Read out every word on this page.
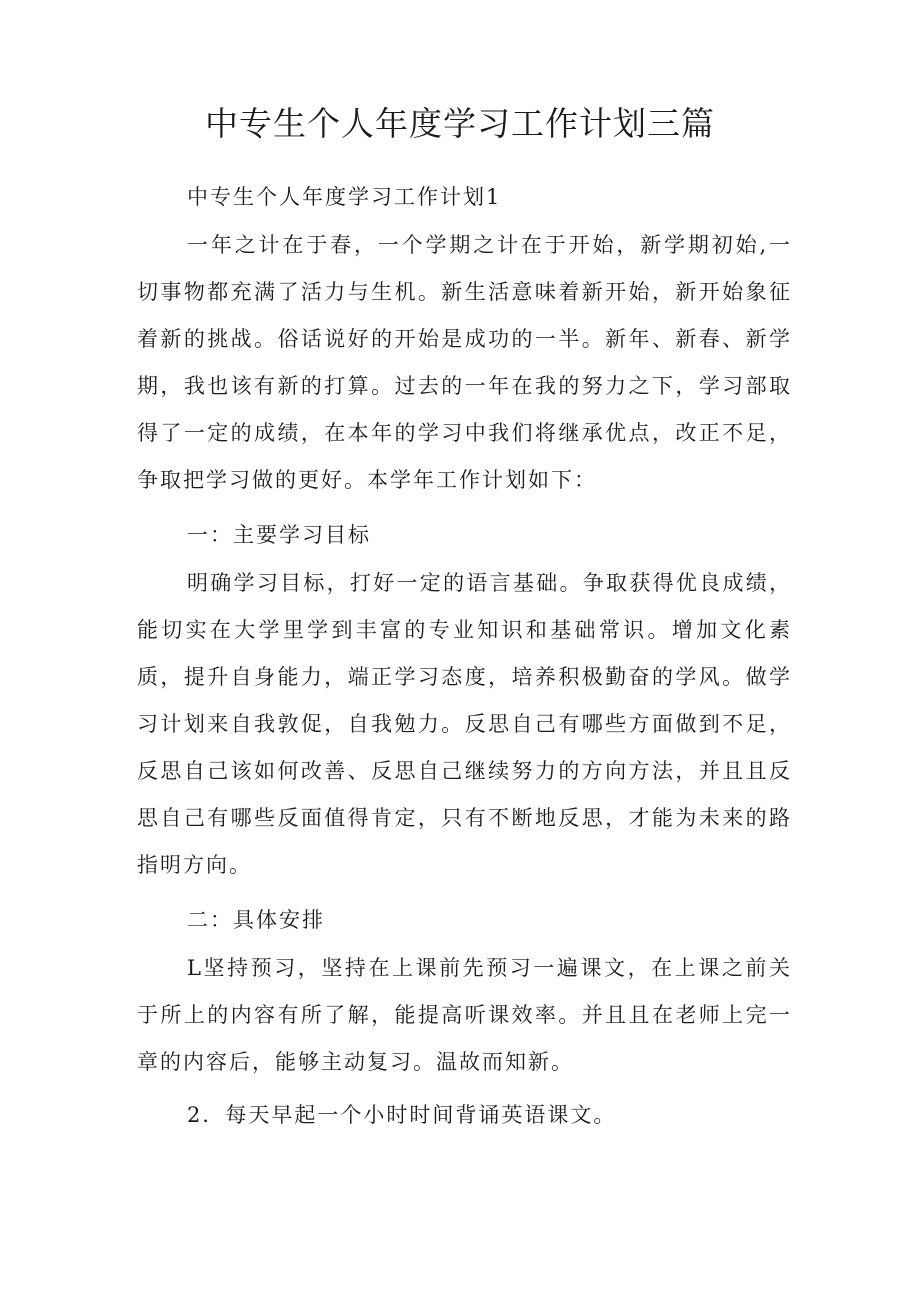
中专生个人年度学习工作计划三篇
中专生个人年度学习工作计划1
一年之计在于春，一个学期之计在于开始，新学期初始,一切事物都充满了活力与生机。新生活意味着新开始，新开始象征着新的挑战。俗话说好的开始是成功的一半。新年、新春、新学期，我也该有新的打算。过去的一年在我的努力之下，学习部取得了一定的成绩，在本年的学习中我们将继承优点，改正不足，争取把学习做的更好。本学年工作计划如下：
一：主要学习目标
明确学习目标，打好一定的语言基础。争取获得优良成绩，能切实在大学里学到丰富的专业知识和基础常识。增加文化素质，提升自身能力，端正学习态度，培养积极勤奋的学风。做学习计划来自我敦促，自我勉力。反思自己有哪些方面做到不足，反思自己该如何改善、反思自己继续努力的方向方法，并且且反思自己有哪些反面值得肯定，只有不断地反思，才能为未来的路指明方向。
二：具体安排
L坚持预习，坚持在上课前先预习一遍课文，在上课之前关于所上的内容有所了解，能提高听课效率。并且且在老师上完一章的内容后，能够主动复习。温故而知新。
2．每天早起一个小时时间背诵英语课文。
